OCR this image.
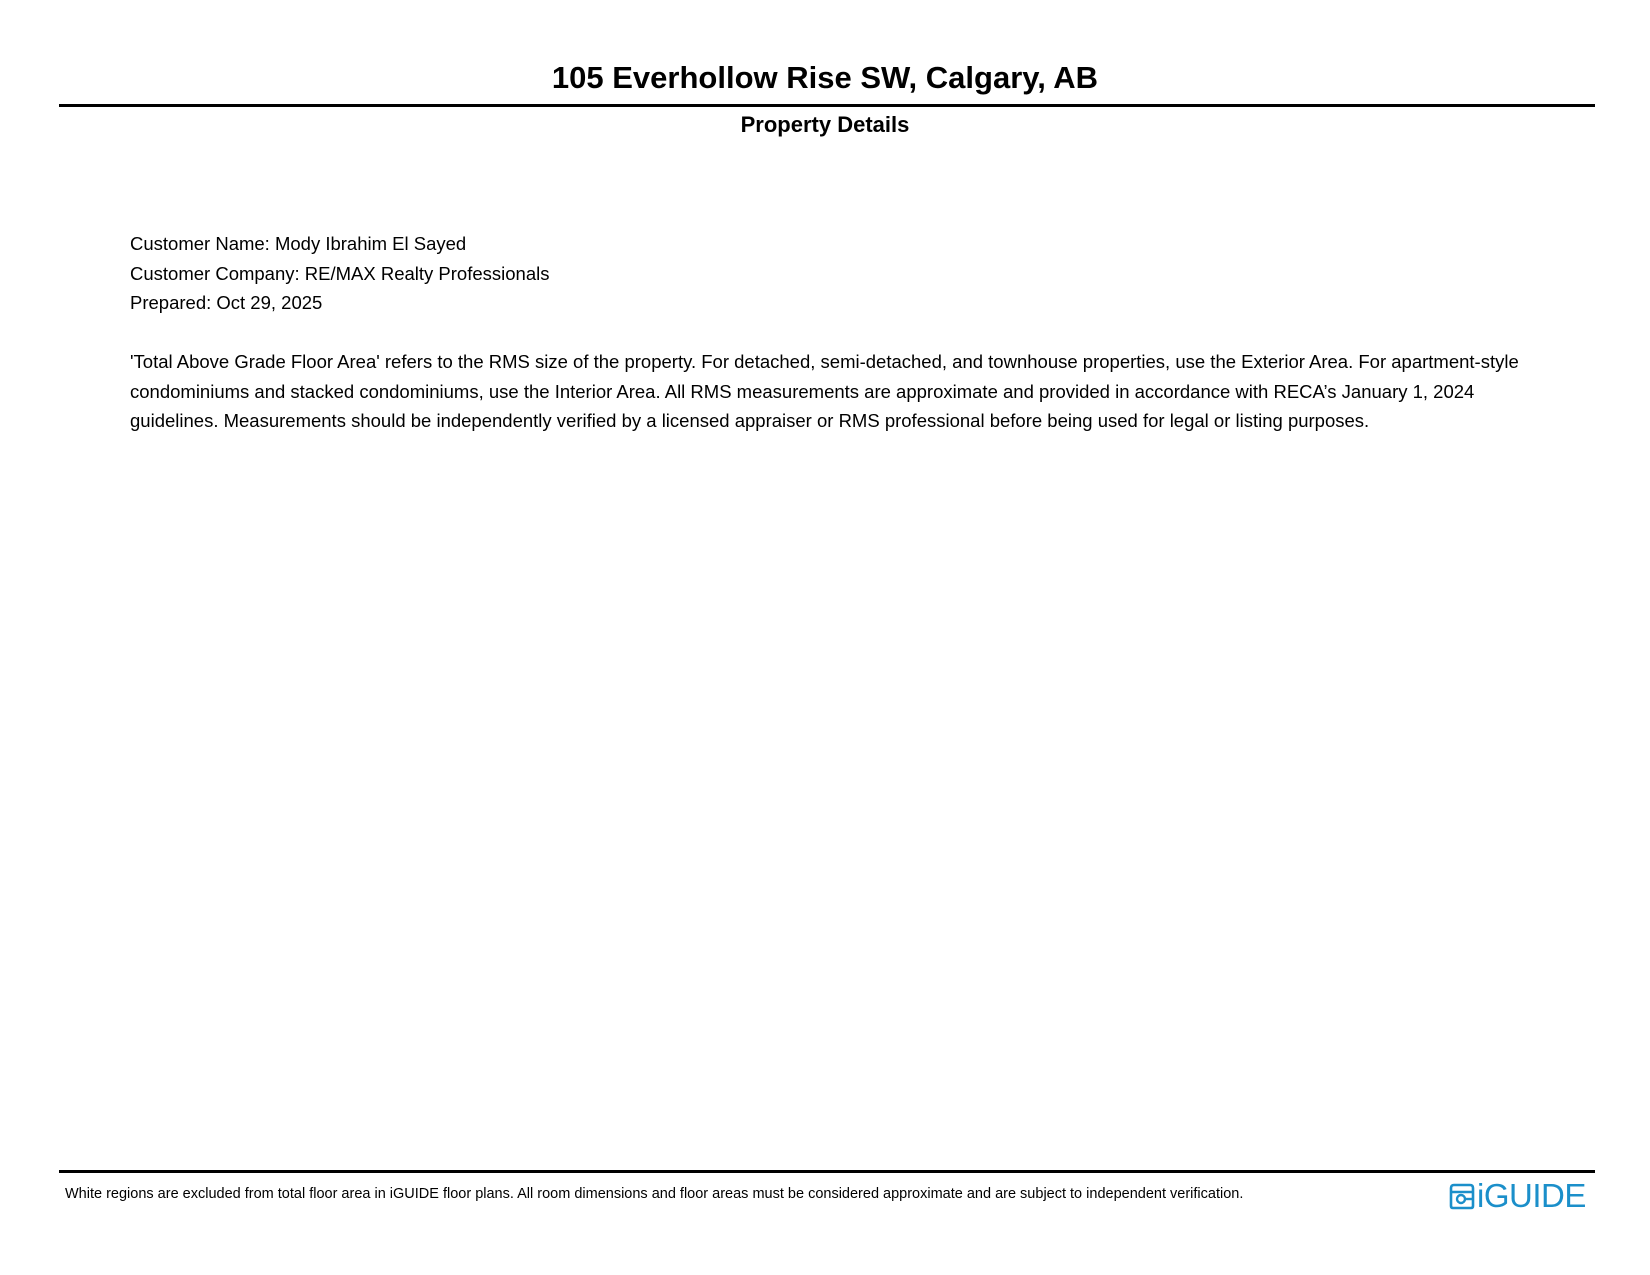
105 Everhollow Rise SW, Calgary, AB
Property Details
Customer Name: Mody Ibrahim El Sayed
Customer Company: RE/MAX Realty Professionals
Prepared: Oct 29, 2025

'Total Above Grade Floor Area' refers to the RMS size of the property. For detached, semi-detached, and townhouse properties, use the Exterior Area. For apartment-style condominiums and stacked condominiums, use the Interior Area. All RMS measurements are approximate and provided in accordance with RECA’s January 1, 2024 guidelines. Measurements should be independently verified by a licensed appraiser or RMS professional before being used for legal or listing purposes.

White regions are excluded from total floor area in iGUIDE floor plans. All room dimensions and floor areas must be considered approximate and are subject to independent verification.	iGUIDE
